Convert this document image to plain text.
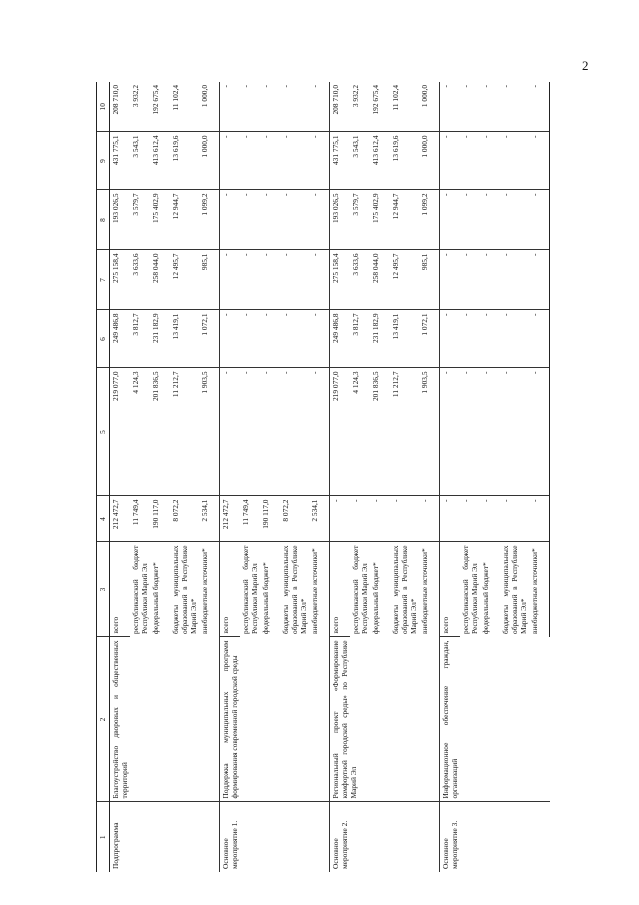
2
1	2	3	4	5	6	7	8	9	10
Подпрограмма	Благоустройство дворовых и общественных территорий	всего	212 472,7	219 077,0	249 486,8	275 158,4	193 026,5	431 775,1	208 710,0
		республиканский бюджет Республики Марий Эл	11 749,4	4 124,3	3 812,7	3 633,6	3 579,7	3 543,1	3 932,2
		федеральный бюджет*	190 117,0	201 836,5	231 182,9	258 044,0	175 402,9	413 612,4	192 675,4
		бюджеты муниципальных образований в Республике Марий Эл*	8 072,2	11 212,7	13 419,1	12 495,7	12 944,7	13 619,6	11 102,4
		внебюджетные источники*	2 534,1	1 903,5	1 072,1	985,1	1 099,2	1 000,0	1 000,0
Основное мероприятие 1.	Поддержка муниципальных программ формирования современной городской среды	всего	212 472,7	-	-	-	-	-	-
		республиканский бюджет Республики Марий Эл	11 749,4	-	-	-	-	-	-
		федеральный бюджет*	190 117,0	-	-	-	-	-	-
		бюджеты муниципальных образований в Республике Марий Эл*	8 072,2	-	-	-	-	-	-
		внебюджетные источники*	2 534,1	-	-	-	-	-	-
Основное мероприятие 2.	Региональный проект «Формирование комфортной городской среды» по Республике Марий Эл	всего	-	219 077,0	249 486,8	275 158,4	193 026,5	431 775,1	208 710,0
		республиканский бюджет Республики Марий Эл	-	4 124,3	3 812,7	3 633,6	3 579,7	3 543,1	3 932,2
		федеральный бюджет*	-	201 836,5	231 182,9	258 044,0	175 402,9	413 612,4	192 675,4
		бюджеты муниципальных образований в Республике Марий Эл*	-	11 212,7	13 419,1	12 495,7	12 944,7	13 619,6	11 102,4
		внебюджетные источники*	-	1 903,5	1 072,1	985,1	1 099,2	1 000,0	1 000,0
Основное мероприятие 3.	Информационное обеспечение граждан, организаций	всего	-	-	-	-	-	-	-
		республиканский бюджет Республики Марий Эл	-	-	-	-	-	-	-
		федеральный бюджет*	-	-	-	-	-	-	-
		бюджеты муниципальных образований в Республике Марий Эл*	-	-	-	-	-	-	-
		внебюджетные источники*	-	-	-	-	-	-	-
